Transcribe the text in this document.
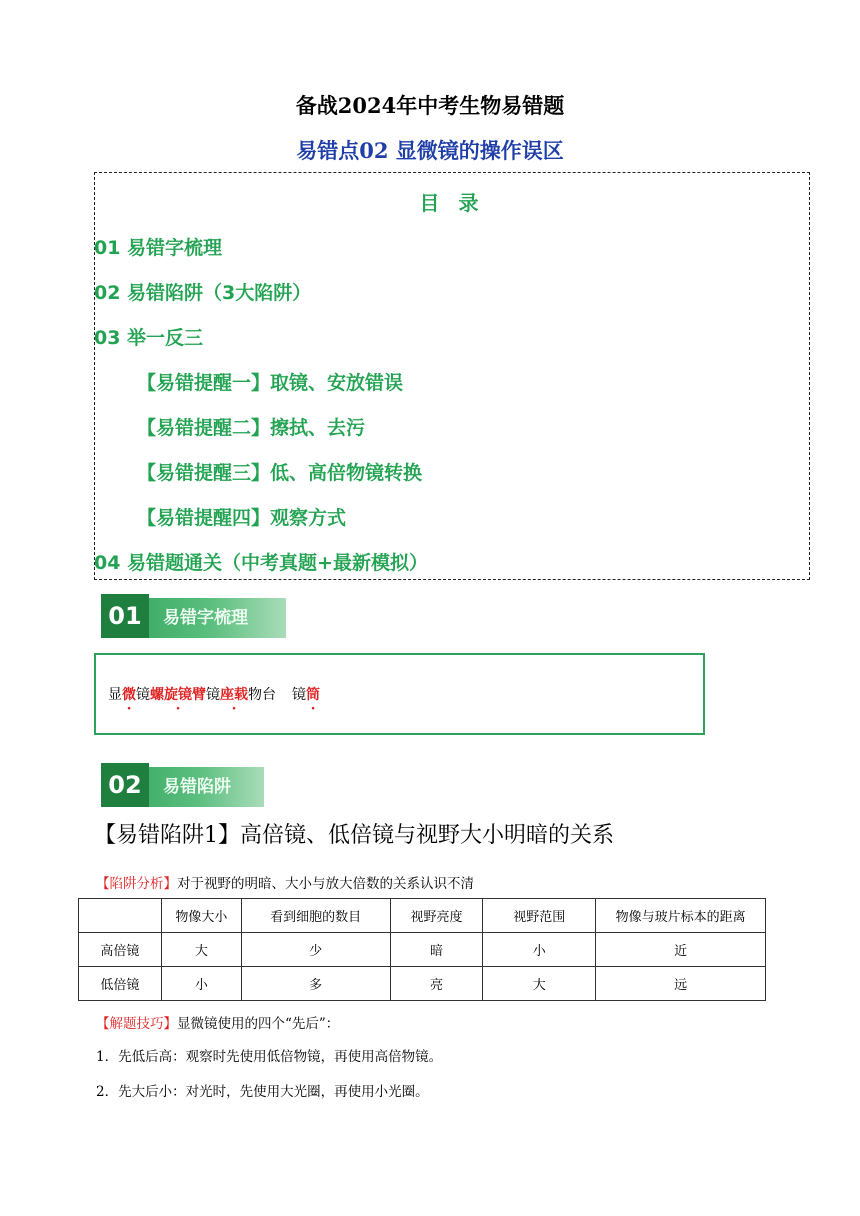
备战2024年中考生物易错题
易错点02 显微镜的操作误区
目 录
01 易错字梳理
02 易错陷阱（3大陷阱）
03 举一反三
【易错提醒一】取镜、安放错误
【易错提醒二】擦拭、去污
【易错提醒三】低、高倍物镜转换
【易错提醒四】观察方式
04 易错题通关（中考真题+最新模拟）
01	易错字梳理
显微镜螺旋镜臂镜座载物台 镜筒
02	易错陷阱
【易错陷阱1】高倍镜、低倍镜与视野大小明暗的关系
【陷阱分析】对于视野的明暗、大小与放大倍数的关系认识不清
	物像大小	看到细胞的数目	视野亮度	视野范围	物像与玻片标本的距离
高倍镜	大	少	暗	小	近
低倍镜	小	多	亮	大	远
【解题技巧】显微镜使用的四个“先后”：
1．先低后高：观察时先使用低倍物镜，再使用高倍物镜。
2．先大后小：对光时，先使用大光圈，再使用小光圈。
